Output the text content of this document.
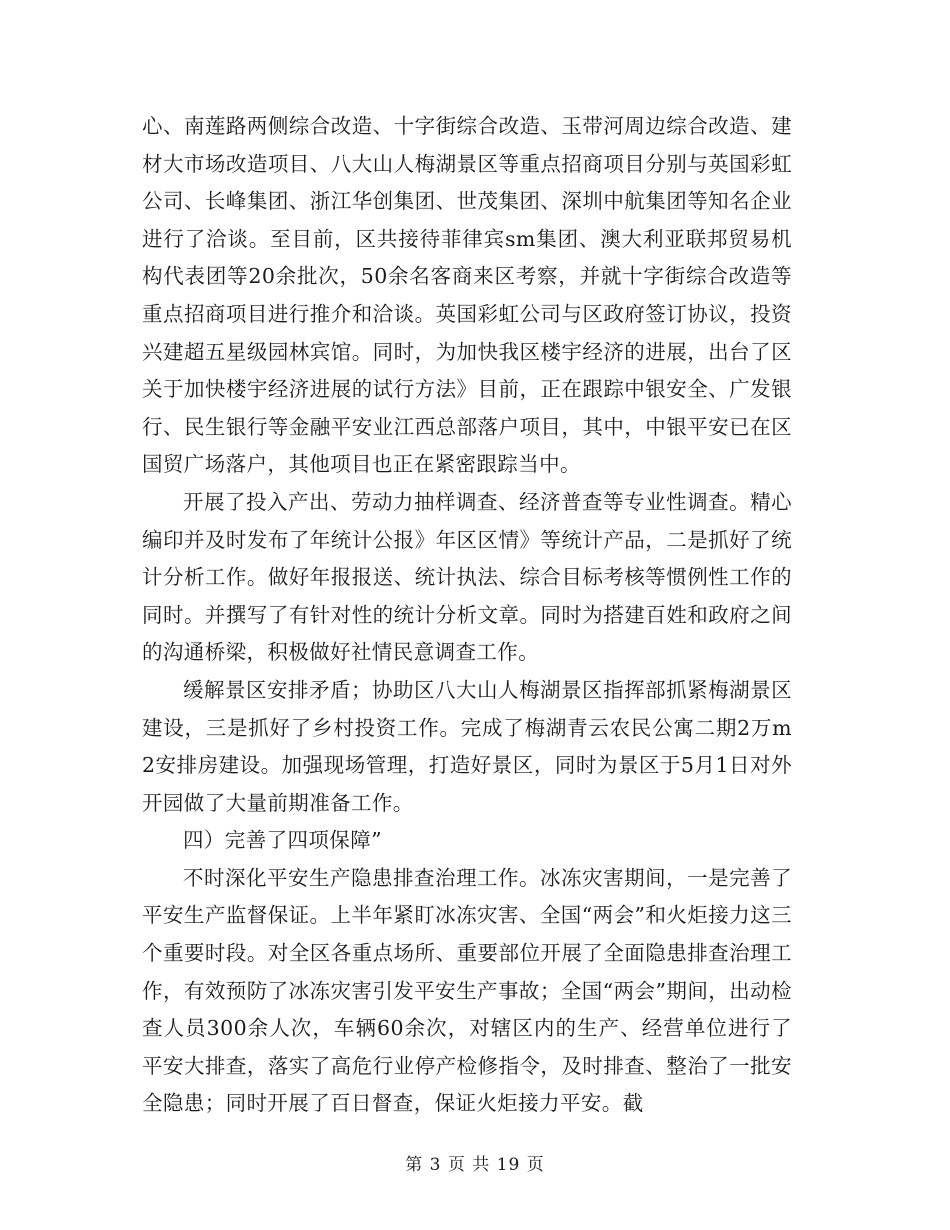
心、南莲路两侧综合改造、十字街综合改造、玉带河周边综合改造、建材大市场改造项目、八大山人梅湖景区等重点招商项目分别与英国彩虹公司、长峰集团、浙江华创集团、世茂集团、深圳中航集团等知名企业进行了洽谈。至目前，区共接待菲律宾sm集团、澳大利亚联邦贸易机构代表团等20余批次，50余名客商来区考察，并就十字街综合改造等重点招商项目进行推介和洽谈。英国彩虹公司与区政府签订协议，投资兴建超五星级园林宾馆。同时，为加快我区楼宇经济的进展，出台了区关于加快楼宇经济进展的试行方法》目前，正在跟踪中银安全、广发银行、民生银行等金融平安业江西总部落户项目，其中，中银平安已在区国贸广场落户，其他项目也正在紧密跟踪当中。

开展了投入产出、劳动力抽样调查、经济普查等专业性调查。精心编印并及时发布了年统计公报》年区区情》等统计产品，二是抓好了统计分析工作。做好年报报送、统计执法、综合目标考核等惯例性工作的同时。并撰写了有针对性的统计分析文章。同时为搭建百姓和政府之间的沟通桥梁，积极做好社情民意调查工作。

缓解景区安排矛盾；协助区八大山人梅湖景区指挥部抓紧梅湖景区建设，三是抓好了乡村投资工作。完成了梅湖青云农民公寓二期2万m2安排房建设。加强现场管理，打造好景区，同时为景区于5月1日对外开园做了大量前期准备工作。

四）完善了四项保障”

不时深化平安生产隐患排查治理工作。冰冻灾害期间，一是完善了平安生产监督保证。上半年紧盯冰冻灾害、全国“两会”和火炬接力这三个重要时段。对全区各重点场所、重要部位开展了全面隐患排查治理工作，有效预防了冰冻灾害引发平安生产事故；全国“两会”期间，出动检查人员300余人次，车辆60余次，对辖区内的生产、经营单位进行了平安大排查，落实了高危行业停产检修指令，及时排查、整治了一批安全隐患；同时开展了百日督查，保证火炬接力平安。截

第 3 页 共 19 页
